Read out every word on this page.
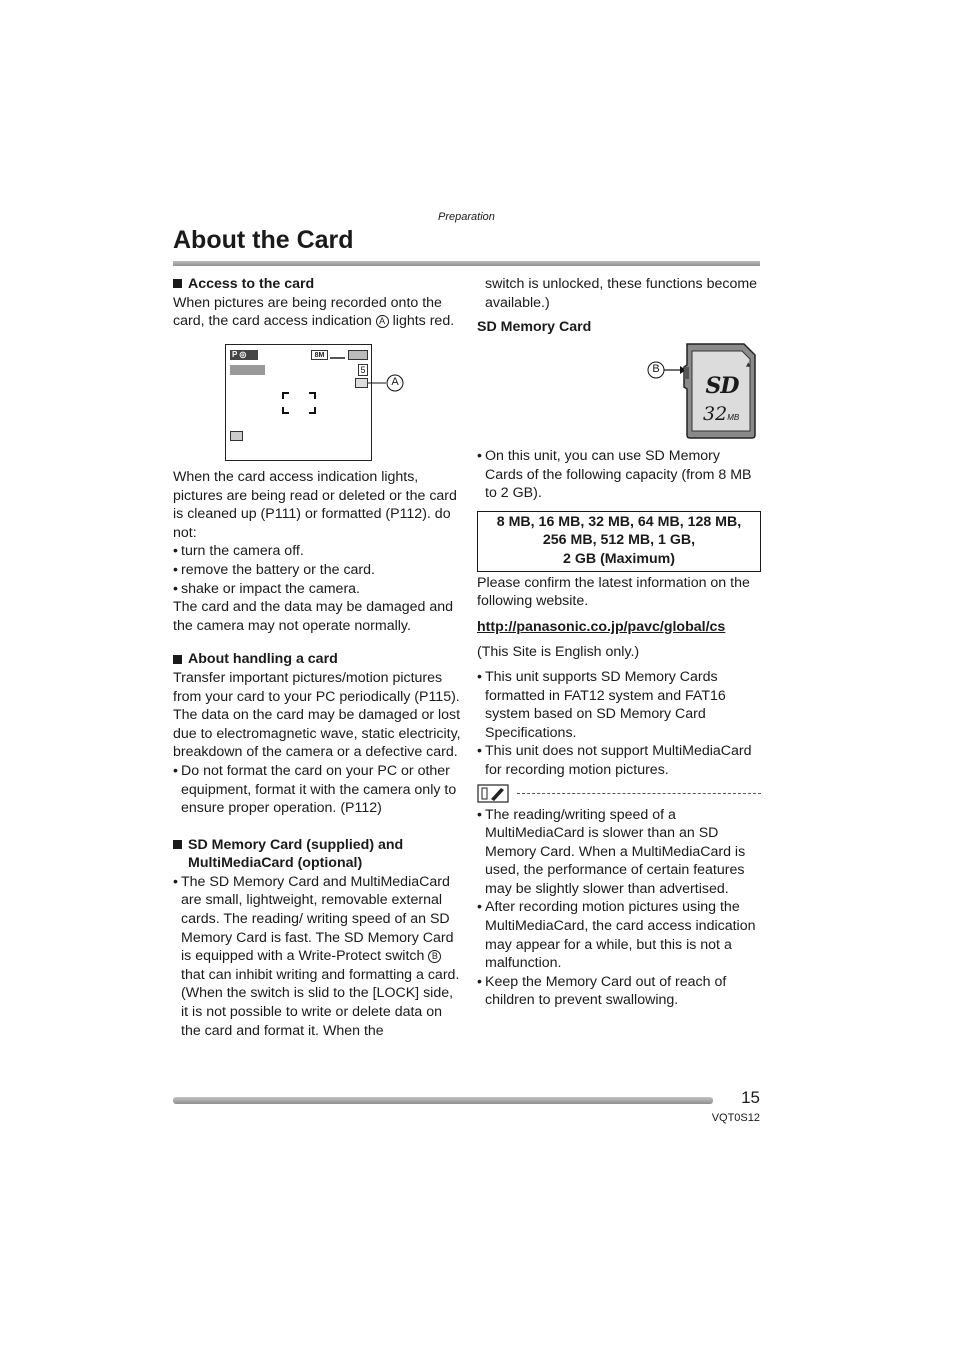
Preparation
About the Card

Access to the card

When pictures are being recorded onto the card, the card access indication A lights red.

P ◎	8M
5
A

When the card access indication lights, pictures are being read or deleted or the card is cleaned up (P111) or formatted (P112). do not:

• turn the camera off.
• remove the battery or the card.
• shake or impact the camera.

The card and the data may be damaged and the camera may not operate normally.

About handling a card

Transfer important pictures/motion pictures from your card to your PC periodically (P115). The data on the card may be damaged or lost due to electromagnetic wave, static electricity, breakdown of the camera or a defective card.

• Do not format the card on your PC or other equipment, format it with the camera only to ensure proper operation. (P112)

SD Memory Card (supplied) and MultiMediaCard (optional)

• The SD Memory Card and MultiMediaCard are small, lightweight, removable external cards. The reading/ writing speed of an SD Memory Card is fast. The SD Memory Card is equipped with a Write-Protect switch B that can inhibit writing and formatting a card. (When the switch is slid to the [LOCK] side, it is not possible to write or delete data on the card and format it. When the

switch is unlocked, these functions become available.)

SD Memory Card

▲
B
SD
32MB
• On this unit, you can use SD Memory Cards of the following capacity (from 8 MB to 2 GB).
8 MB, 16 MB, 32 MB, 64 MB, 128 MB,
256 MB, 512 MB, 1 GB,
2 GB (Maximum)

Please confirm the latest information on the following website.

http://panasonic.co.jp/pavc/global/cs

(This Site is English only.)

• This unit supports SD Memory Cards formatted in FAT12 system and FAT16 system based on SD Memory Card Specifications.
• This unit does not support MultiMediaCard for recording motion pictures.
• The reading/writing speed of a MultiMediaCard is slower than an SD Memory Card. When a MultiMediaCard is used, the performance of certain features may be slightly slower than advertised.
• After recording motion pictures using the MultiMediaCard, the card access indication may appear for a while, but this is not a malfunction.
• Keep the Memory Card out of reach of children to prevent swallowing.
15
VQT0S12
